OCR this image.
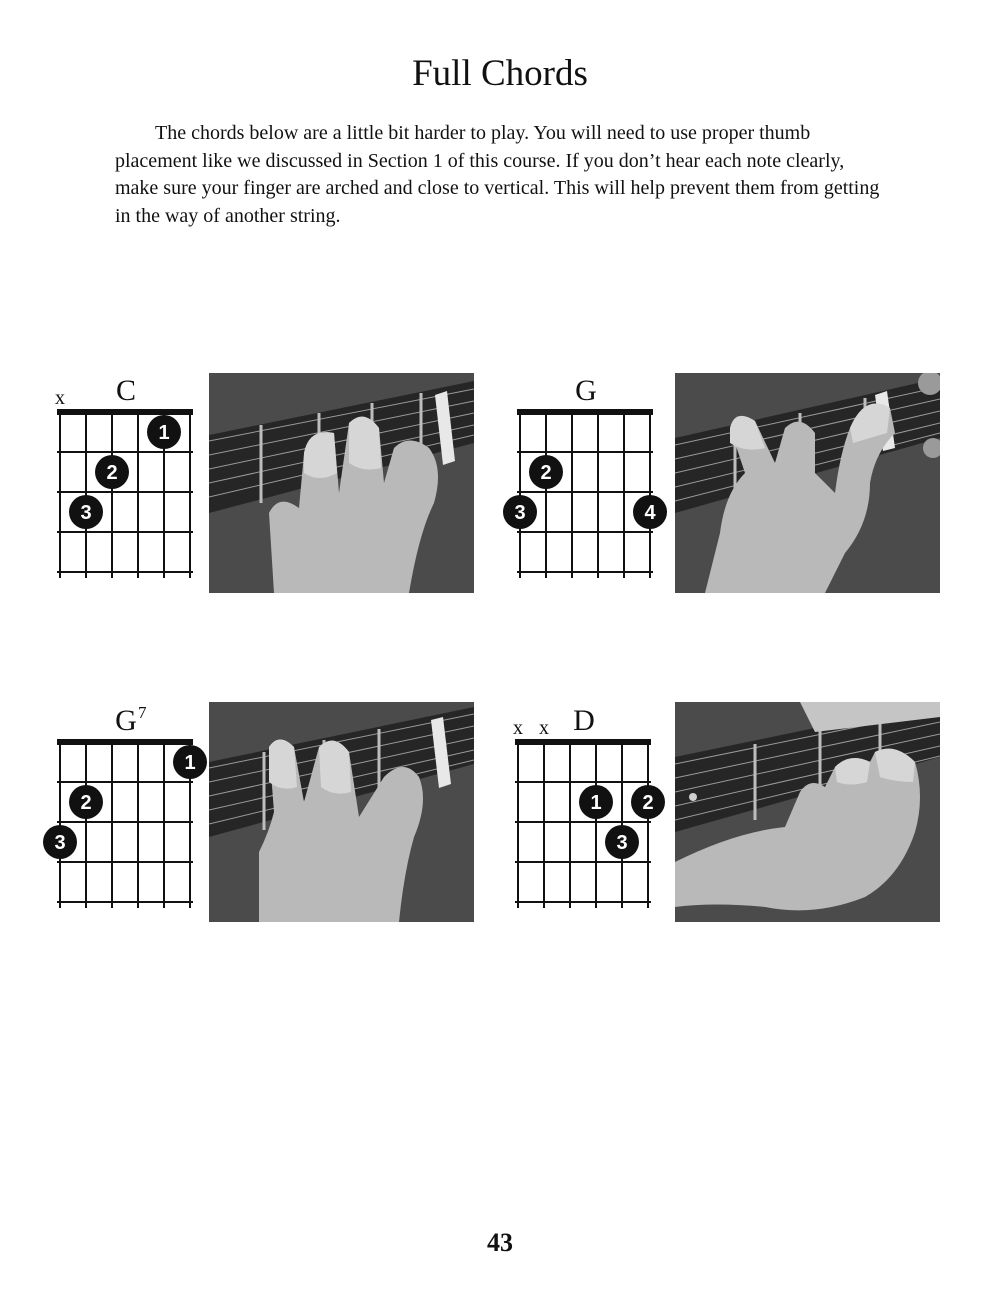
Full Chords

The chords below are a little bit harder to play. You will need to use proper thumb placement like we discussed in Section 1 of this course. If you don’t hear each note clearly, make sure your finger are arched and close to vertical. This will help prevent them from getting in the way of another string.

C
x
1
2
3
G
2
3	4
G 7
1
2
3
D
x x
1 2
3
43
